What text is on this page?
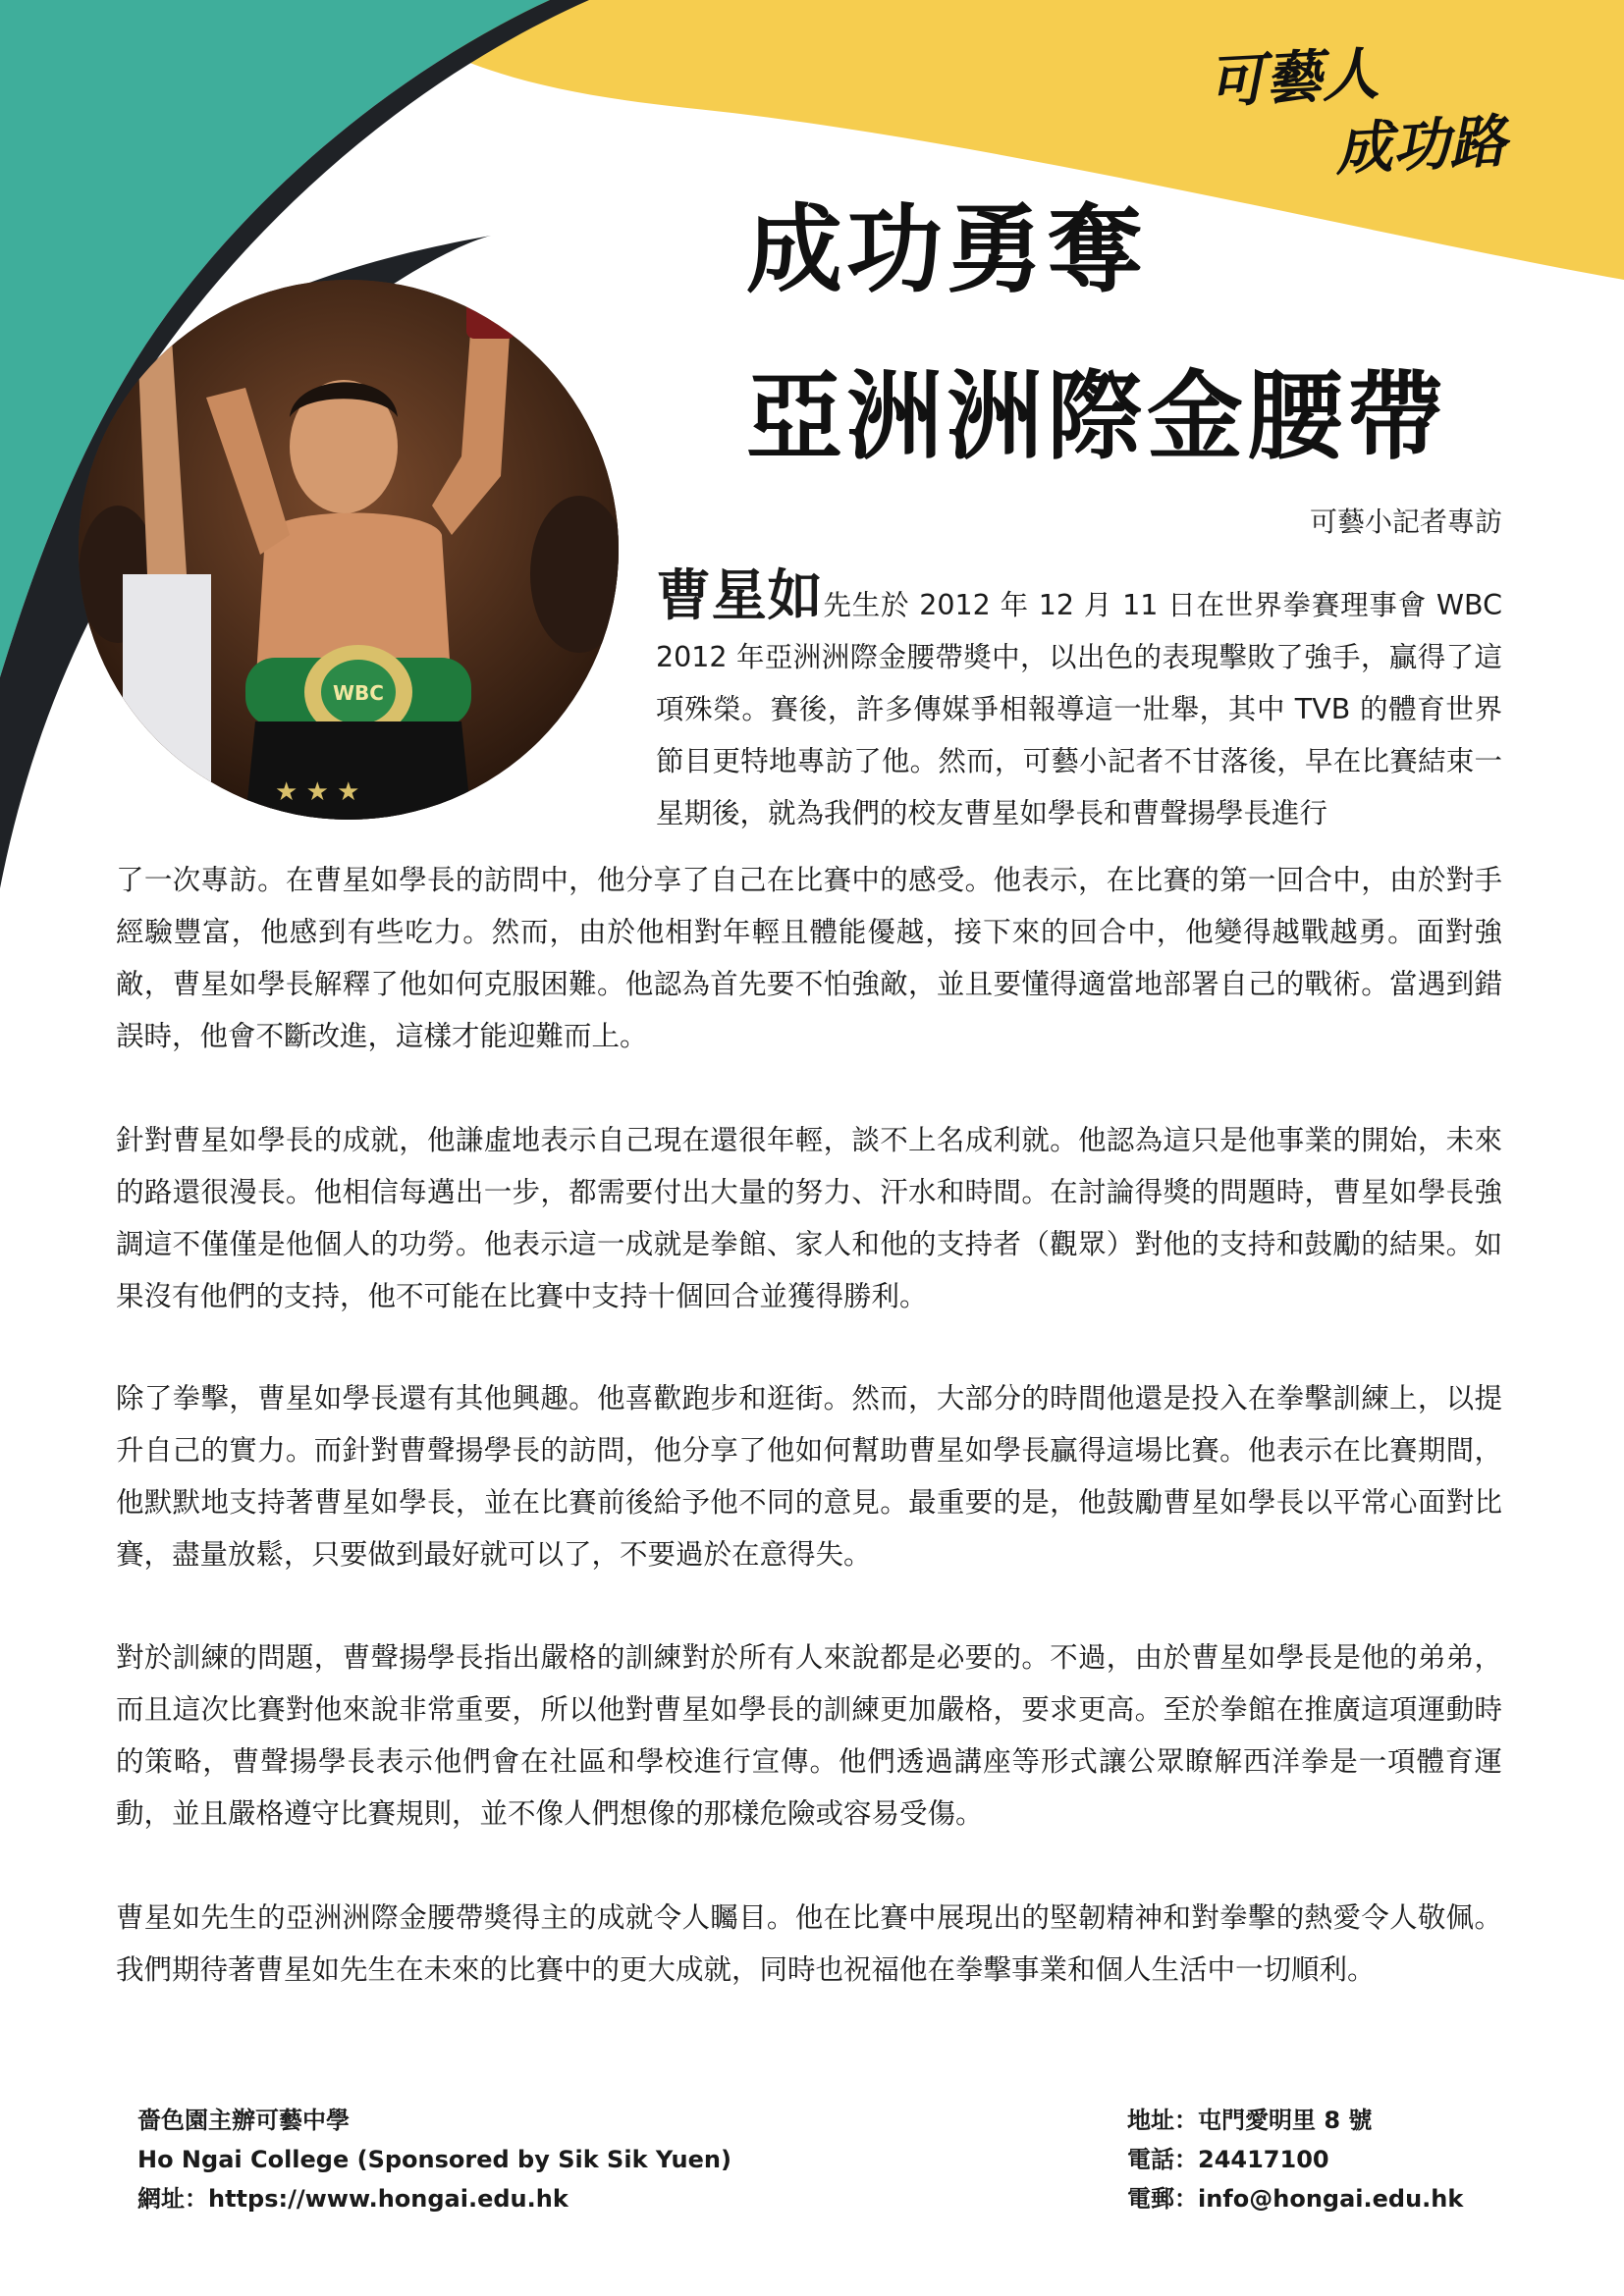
可藝人
成功路
成功勇奪
亞洲洲際金腰帶
可藝小記者專訪
WBC
★ ★ ★

曹星如先生於 2012 年 12 月 11 日在世界拳賽理事會 WBC 2012 年亞洲洲際金腰帶獎中，以出色的表現擊敗了強手，贏得了這項殊榮。賽後，許多傳媒爭相報導這一壯舉，其中 TVB 的體育世界節目更特地專訪了他。然而，可藝小記者不甘落後，早在比賽結束一星期後，就為我們的校友曹星如學長和曹聲揚學長進行

了一次專訪。在曹星如學長的訪問中，他分享了自己在比賽中的感受。他表示，在比賽的第一回合中，由於對手經驗豐富，他感到有些吃力。然而，由於他相對年輕且體能優越，接下來的回合中，他變得越戰越勇。面對強敵，曹星如學長解釋了他如何克服困難。他認為首先要不怕強敵，並且要懂得適當地部署自己的戰術。當遇到錯誤時，他會不斷改進，這樣才能迎難而上。

針對曹星如學長的成就，他謙虛地表示自己現在還很年輕，談不上名成利就。他認為這只是他事業的開始，未來的路還很漫長。他相信每邁出一步，都需要付出大量的努力、汗水和時間。在討論得獎的問題時，曹星如學長強調這不僅僅是他個人的功勞。他表示這一成就是拳館、家人和他的支持者（觀眾）對他的支持和鼓勵的結果。如果沒有他們的支持，他不可能在比賽中支持十個回合並獲得勝利。

除了拳擊，曹星如學長還有其他興趣。他喜歡跑步和逛街。然而，大部分的時間他還是投入在拳擊訓練上，以提升自己的實力。而針對曹聲揚學長的訪問，他分享了他如何幫助曹星如學長贏得這場比賽。他表示在比賽期間，他默默地支持著曹星如學長，並在比賽前後給予他不同的意見。最重要的是，他鼓勵曹星如學長以平常心面對比賽，盡量放鬆，只要做到最好就可以了，不要過於在意得失。

對於訓練的問題，曹聲揚學長指出嚴格的訓練對於所有人來說都是必要的。不過，由於曹星如學長是他的弟弟，而且這次比賽對他來說非常重要，所以他對曹星如學長的訓練更加嚴格，要求更高。至於拳館在推廣這項運動時的策略，曹聲揚學長表示他們會在社區和學校進行宣傳。他們透過講座等形式讓公眾瞭解西洋拳是一項體育運動，並且嚴格遵守比賽規則，並不像人們想像的那樣危險或容易受傷。

曹星如先生的亞洲洲際金腰帶獎得主的成就令人矚目。他在比賽中展現出的堅韌精神和對拳擊的熱愛令人敬佩。我們期待著曹星如先生在未來的比賽中的更大成就，同時也祝福他在拳擊事業和個人生活中一切順利。

嗇色園主辦可藝中學
Ho Ngai College (Sponsored by Sik Sik Yuen)
網址：https://www.hongai.edu.hk
地址：屯門愛明里 8 號
電話：24417100
電郵：info@hongai.edu.hk
